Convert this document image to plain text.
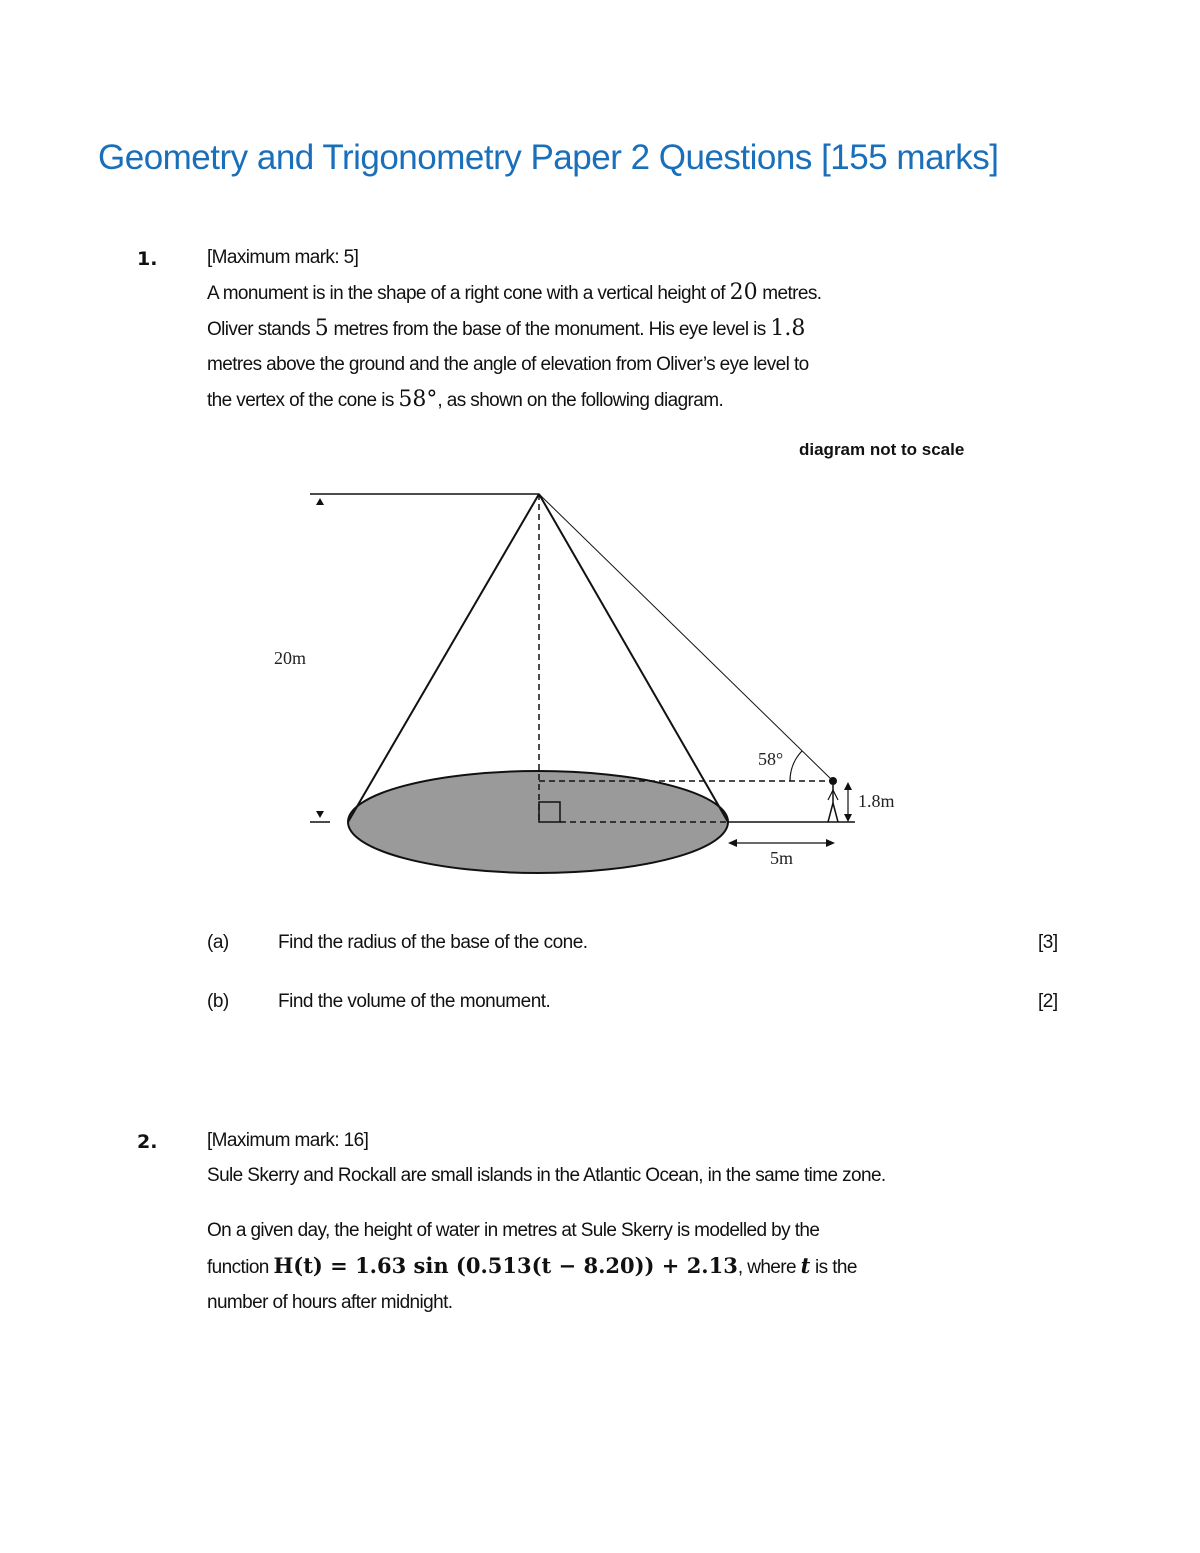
Geometry and Trigonometry Paper 2 Questions [155 marks]
1.	[Maximum mark: 5]

A monument is in the shape of a right cone with a vertical height of 20 metres.

Oliver stands 5 metres from the base of the monument. His eye level is 1.8

metres above the ground and the angle of elevation from Oliver’s eye level to

the vertex of the cone is 58°, as shown on the following diagram.

diagram not to scale
20m
58°
1.8m
5m
(a)	Find the radius of the base of the cone.	[3]
(b)	Find the volume of the monument.	[2]
2.	[Maximum mark: 16]

Sule Skerry and Rockall are small islands in the Atlantic Ocean, in the same time zone.

On a given day, the height of water in metres at Sule Skerry is modelled by the

function H(t) = 1.63 sin (0.513(t − 8.20)) + 2.13, where t is the

number of hours after midnight.
